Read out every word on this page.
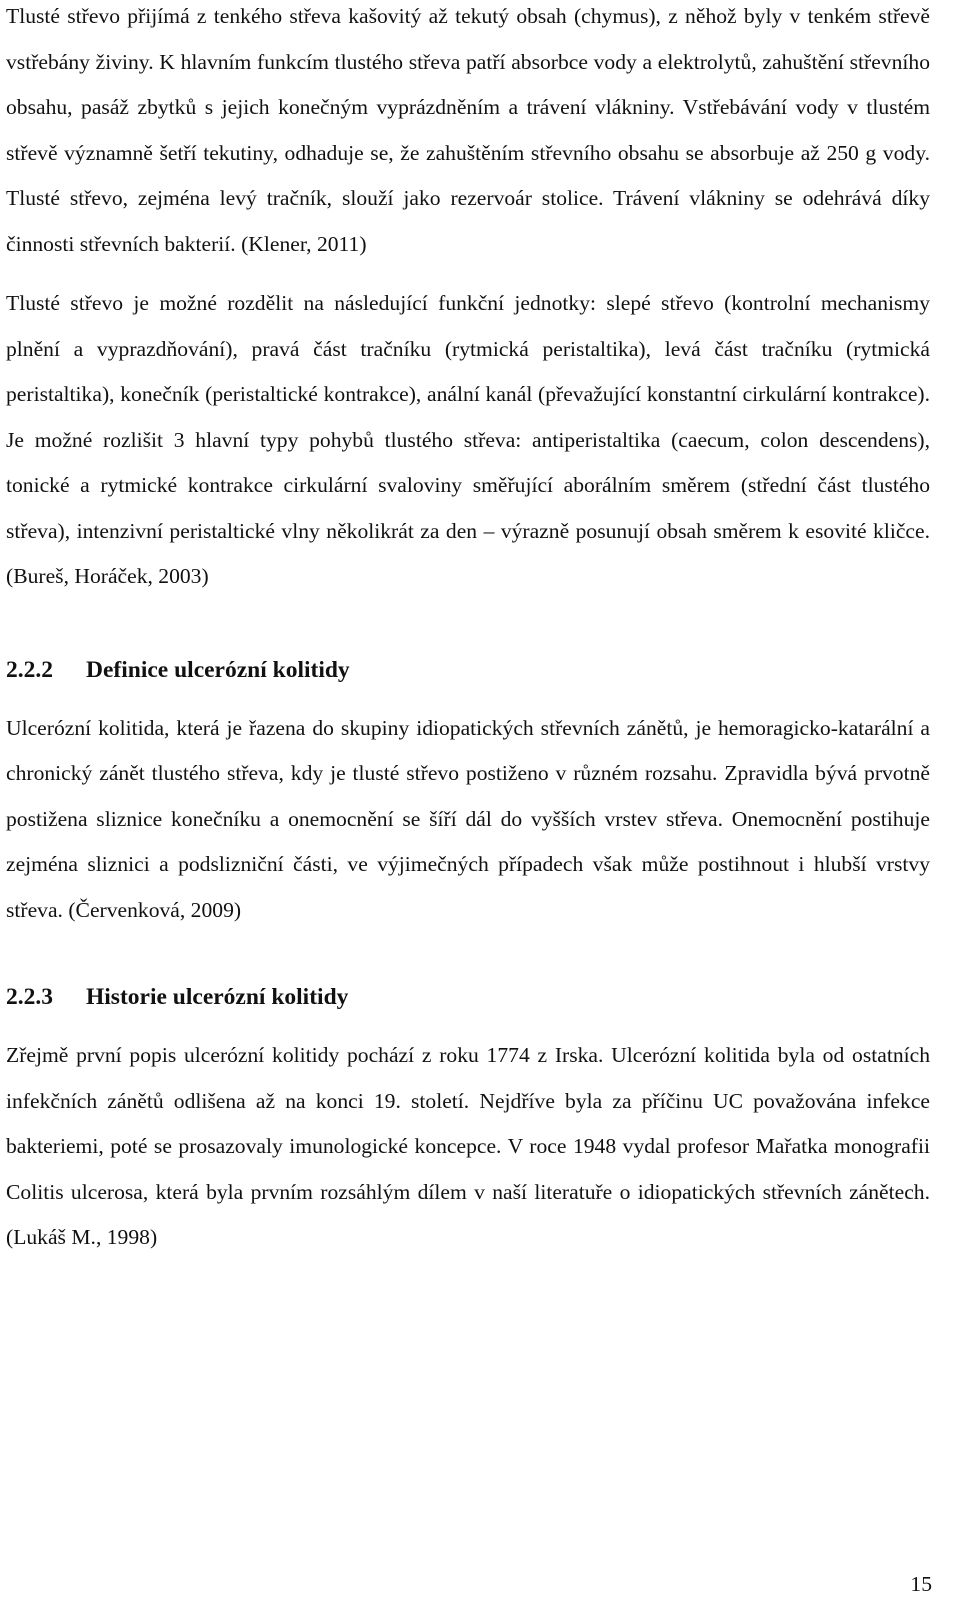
Tlusté střevo přijímá z tenkého střeva kašovitý až tekutý obsah (chymus), z něhož byly v tenkém střevě vstřebány živiny. K hlavním funkcím tlustého střeva patří absorbce vody a elektrolytů, zahuštění střevního obsahu, pasáž zbytků s jejich konečným vyprázdněním a trávení vlákniny. Vstřebávání vody v tlustém střevě významně šetří tekutiny, odhaduje se, že zahuštěním střevního obsahu se absorbuje až 250 g vody. Tlusté střevo, zejména levý tračník, slouží jako rezervoár stolice. Trávení vlákniny se odehrává díky činnosti střevních bakterií. (Klener, 2011)

Tlusté střevo je možné rozdělit na následující funkční jednotky: slepé střevo (kontrolní mechanismy plnění a vyprazdňování), pravá část tračníku (rytmická peristaltika), levá část tračníku (rytmická peristaltika), konečník (peristaltické kontrakce), anální kanál (převažující konstantní cirkulární kontrakce). Je možné rozlišit 3 hlavní typy pohybů tlustého střeva: antiperistaltika (caecum, colon descendens), tonické a rytmické kontrakce cirkulární svaloviny směřující aborálním směrem (střední část tlustého střeva), intenzivní peristaltické vlny několikrát za den – výrazně posunují obsah směrem k esovité kličce. (Bureš, Horáček, 2003)

2.2.2 Definice ulcerózní kolitidy

Ulcerózní kolitida, která je řazena do skupiny idiopatických střevních zánětů, je hemoragicko-katarální a chronický zánět tlustého střeva, kdy je tlusté střevo postiženo v různém rozsahu. Zpravidla bývá prvotně postižena sliznice konečníku a onemocnění se šíří dál do vyšších vrstev střeva. Onemocnění postihuje zejména sliznici a podslizniční části, ve výjimečných případech však může postihnout i hlubší vrstvy střeva. (Červenková, 2009)

2.2.3 Historie ulcerózní kolitidy

Zřejmě první popis ulcerózní kolitidy pochází z roku 1774 z Irska. Ulcerózní kolitida byla od ostatních infekčních zánětů odlišena až na konci 19. století. Nejdříve byla za příčinu UC považována infekce bakteriemi, poté se prosazovaly imunologické koncepce. V roce 1948 vydal profesor Mařatka monografii Colitis ulcerosa, která byla prvním rozsáhlým dílem v naší literatuře o idiopatických střevních zánětech. (Lukáš M., 1998)

15
